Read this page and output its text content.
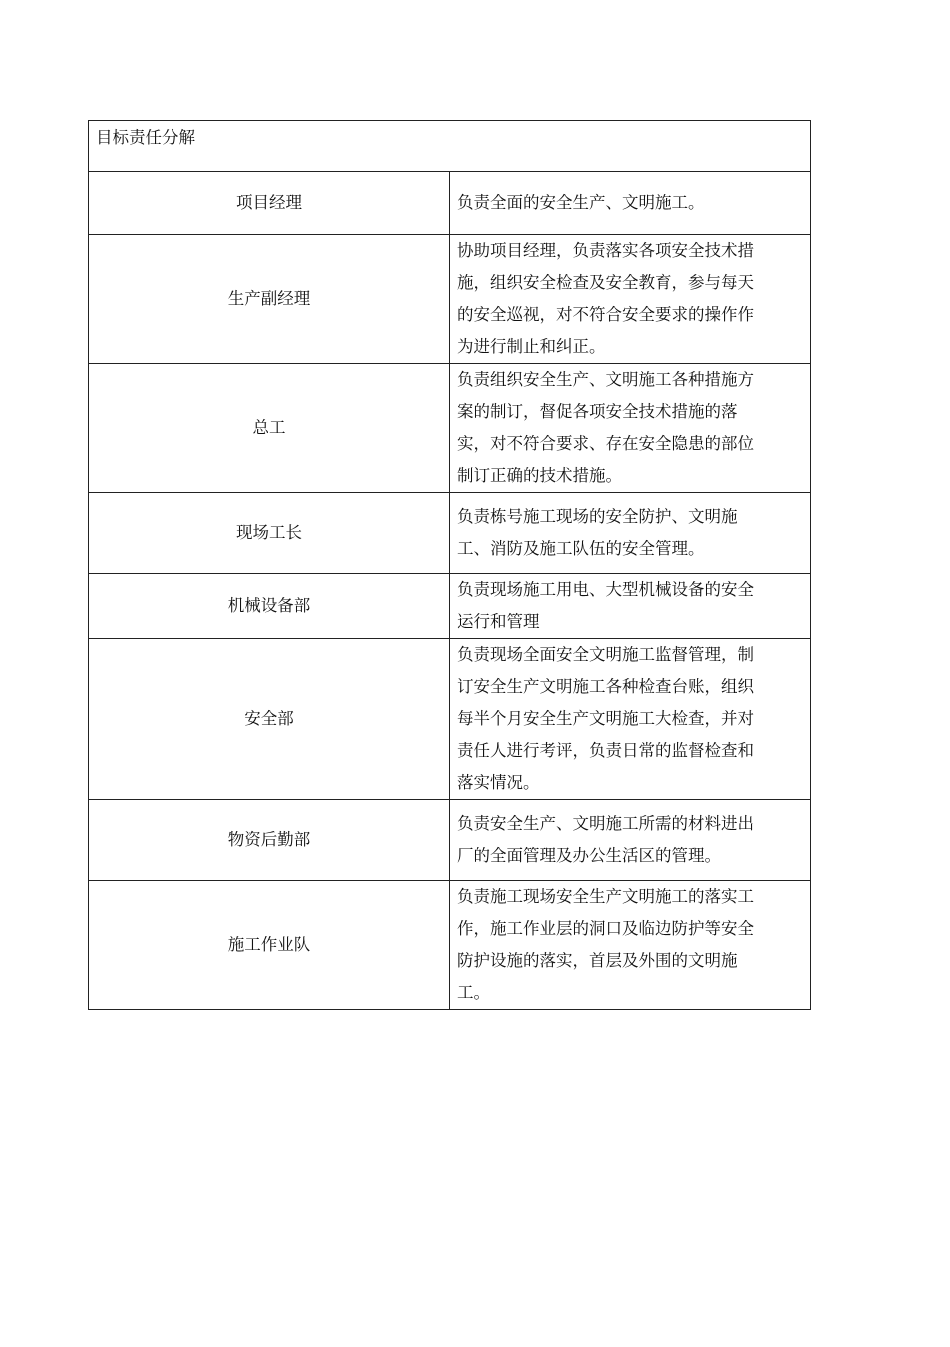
目标责任分解	
项目经理	负责全面的安全生产、文明施工。
生产副经理	协助项目经理，负责落实各项安全技术措施，组织安全检查及安全教育，参与每天的安全巡视，对不符合安全要求的操作作为进行制止和纠正。
总工	负责组织安全生产、文明施工各种措施方案的制订，督促各项安全技术措施的落实，对不符合要求、存在安全隐患的部位制订正确的技术措施。
现场工长	负责栋号施工现场的安全防护、文明施工、消防及施工队伍的安全管理。
机械设备部	负责现场施工用电、大型机械设备的安全运行和管理
安全部	负责现场全面安全文明施工监督管理，制订安全生产文明施工各种检查台账，组织每半个月安全生产文明施工大检查，并对责任人进行考评，负责日常的监督检查和落实情况。
物资后勤部	负责安全生产、文明施工所需的材料进出厂的全面管理及办公生活区的管理。
施工作业队	负责施工现场安全生产文明施工的落实工作，施工作业层的洞口及临边防护等安全防护设施的落实，首层及外围的文明施工。
